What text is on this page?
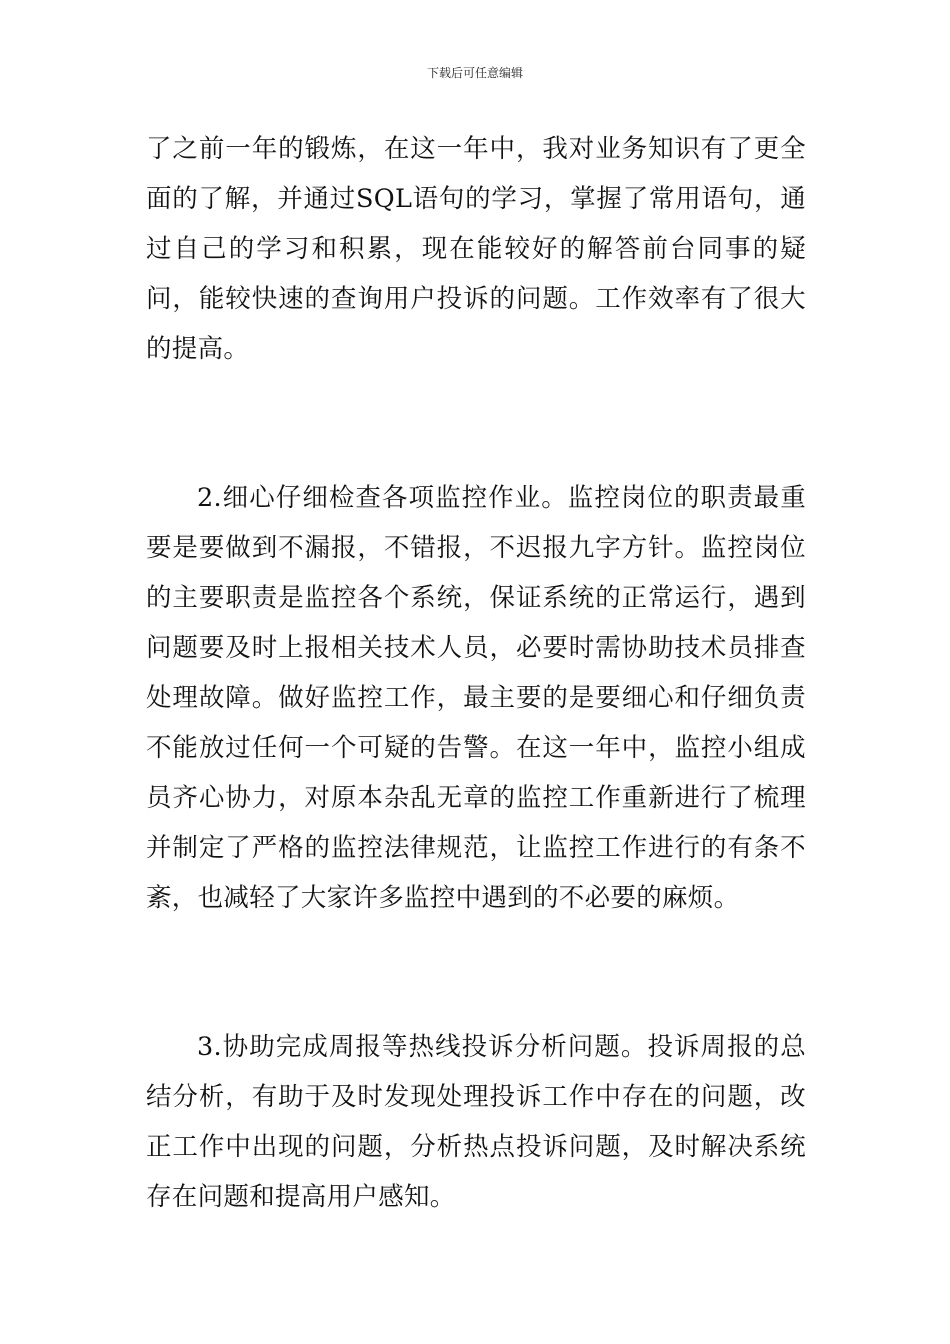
下载后可任意编辑

了之前一年的锻炼，在这一年中，我对业务知识有了更全面的了解，并通过SQL语句的学习，掌握了常用语句，通过自己的学习和积累，现在能较好的解答前台同事的疑问，能较快速的查询用户投诉的问题。工作效率有了很大的提高。

2.细心仔细检查各项监控作业。监控岗位的职责最重要是要做到不漏报，不错报，不迟报九字方针。监控岗位的主要职责是监控各个系统，保证系统的正常运行，遇到问题要及时上报相关技术人员，必要时需协助技术员排查处理故障。做好监控工作，最主要的是要细心和仔细负责不能放过任何一个可疑的告警。在这一年中，监控小组成员齐心协力，对原本杂乱无章的监控工作重新进行了梳理并制定了严格的监控法律规范，让监控工作进行的有条不紊，也减轻了大家许多监控中遇到的不必要的麻烦。

3.协助完成周报等热线投诉分析问题。投诉周报的总结分析，有助于及时发现处理投诉工作中存在的问题，改正工作中出现的问题，分析热点投诉问题，及时解决系统存在问题和提高用户感知。
